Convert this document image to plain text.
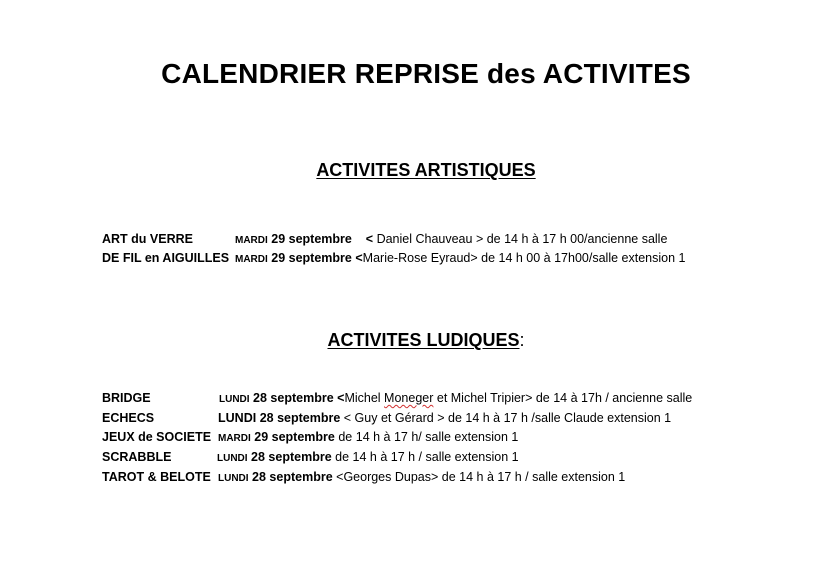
CALENDRIER REPRISE des ACTIVITES
ACTIVITES ARTISTIQUES
ART du VERRE	MARDI 29 septembre < Daniel Chauveau > de 14 h à 17 h 00/ancienne salle
DE FIL en AIGUILLES MARDI 29 septembre <Marie-Rose Eyraud> de 14 h 00 à 17h00/salle extension 1
ACTIVITES LUDIQUES:
BRIDGE	LUNDI 28 septembre <Michel Moneger et Michel Tripier> de 14 à 17h / ancienne salle
ECHECS	LUNDI 28 septembre < Guy et Gérard > de 14 h à 17 h /salle Claude extension 1
JEUX de SOCIETE MARDI 29 septembre de 14 h à 17 h/ salle extension 1
SCRABBLE	LUNDI 28 septembre de 14 h à 17 h / salle extension 1
TAROT & BELOTE LUNDI 28 septembre <Georges Dupas> de 14 h à 17 h / salle extension 1
